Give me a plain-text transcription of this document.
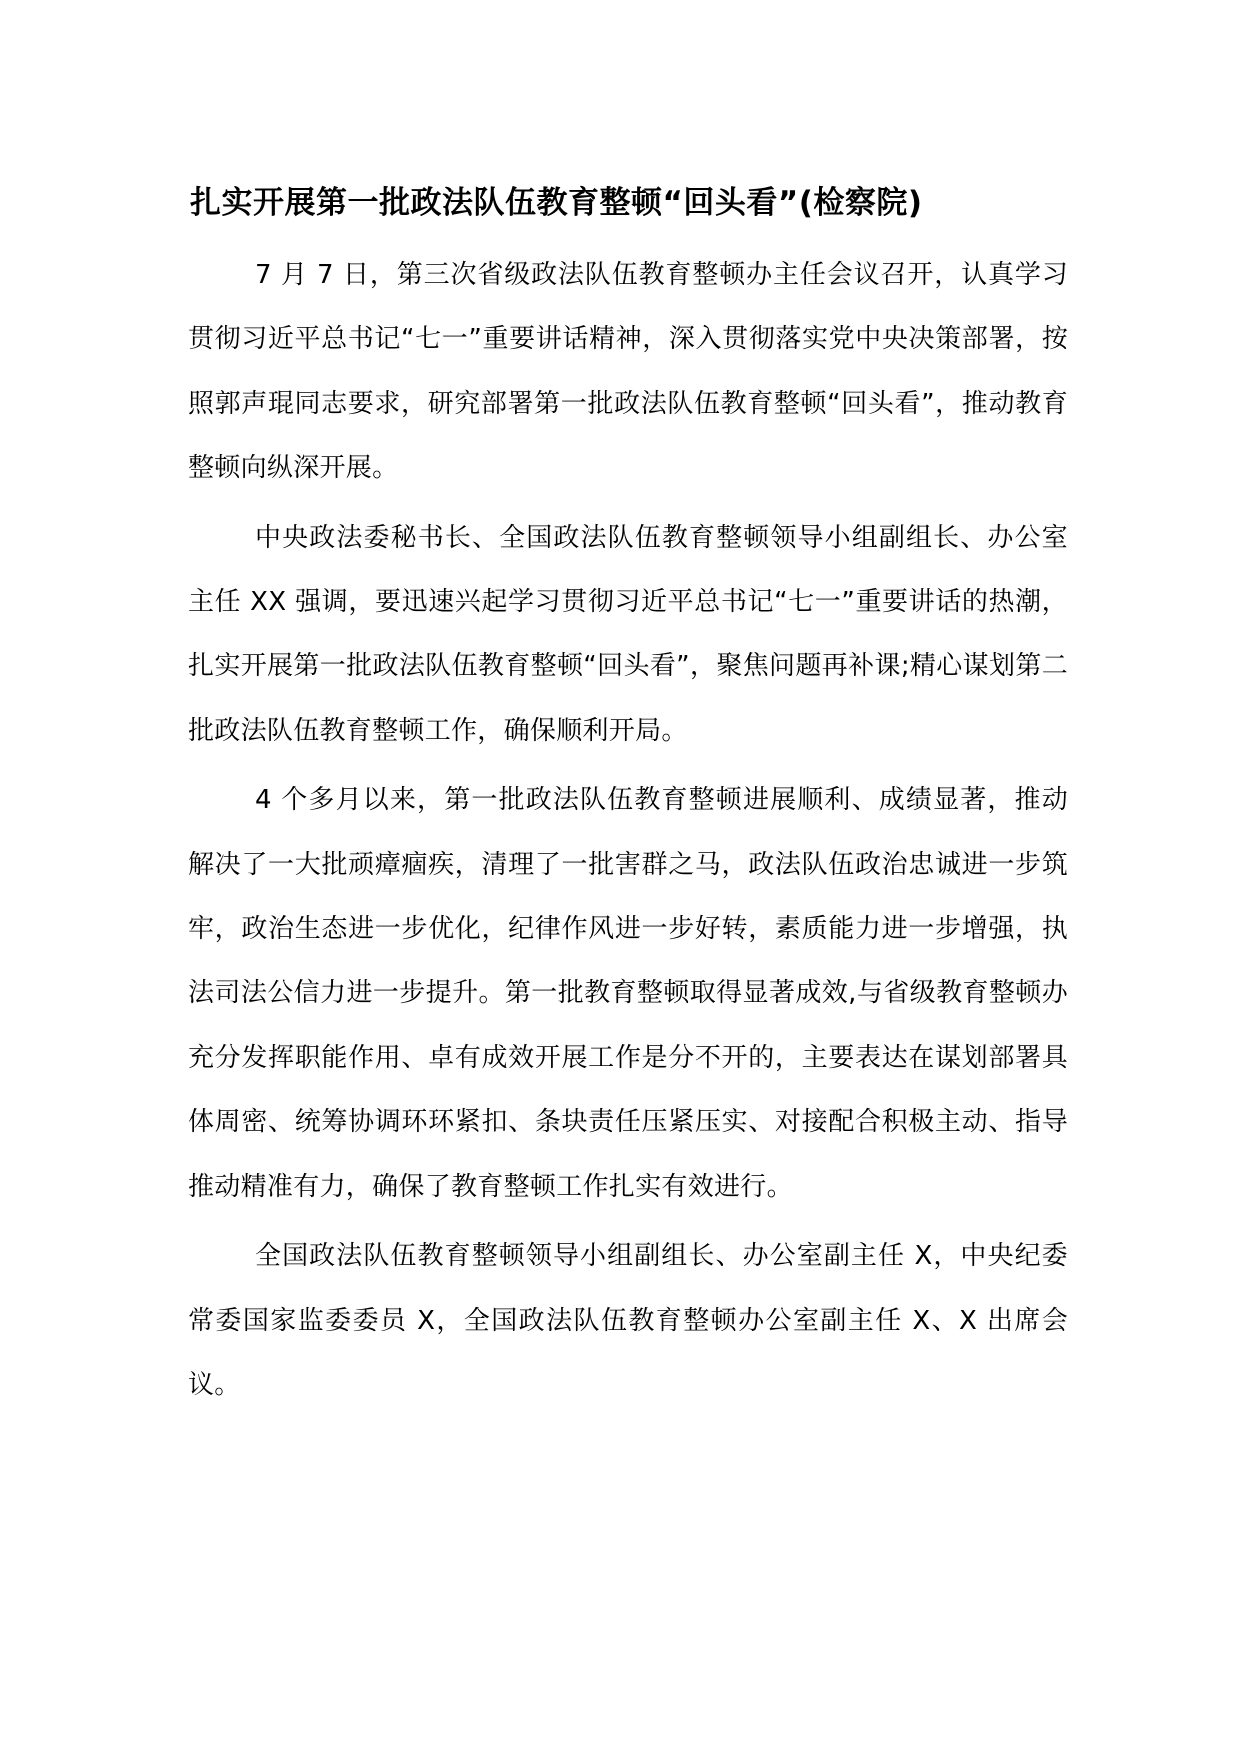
扎实开展第一批政法队伍教育整顿“回头看”(检察院)

7 月 7 日，第三次省级政法队伍教育整顿办主任会议召开，认真学习贯彻习近平总书记“七一”重要讲话精神，深入贯彻落实党中央决策部署，按照郭声琨同志要求，研究部署第一批政法队伍教育整顿“回头看”，推动教育整顿向纵深开展。

中央政法委秘书长、全国政法队伍教育整顿领导小组副组长、办公室主任 XX 强调，要迅速兴起学习贯彻习近平总书记“七一”重要讲话的热潮，扎实开展第一批政法队伍教育整顿“回头看”，聚焦问题再补课;精心谋划第二批政法队伍教育整顿工作，确保顺利开局。

4 个多月以来，第一批政法队伍教育整顿进展顺利、成绩显著，推动解决了一大批顽瘴痼疾，清理了一批害群之马，政法队伍政治忠诚进一步筑牢，政治生态进一步优化，纪律作风进一步好转，素质能力进一步增强，执法司法公信力进一步提升。第一批教育整顿取得显著成效,与省级教育整顿办充分发挥职能作用、卓有成效开展工作是分不开的，主要表达在谋划部署具体周密、统筹协调环环紧扣、条块责任压紧压实、对接配合积极主动、指导推动精准有力，确保了教育整顿工作扎实有效进行。

全国政法队伍教育整顿领导小组副组长、办公室副主任 X，中央纪委常委国家监委委员 X，全国政法队伍教育整顿办公室副主任 X、X 出席会议。
